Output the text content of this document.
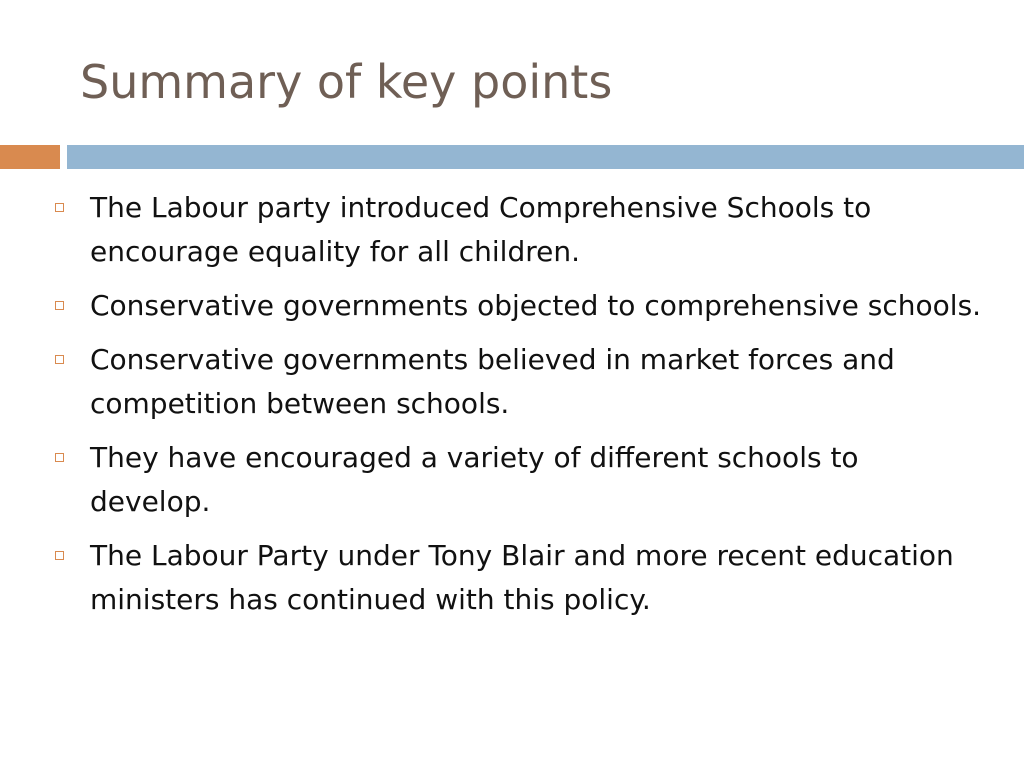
Summary of key points
The Labour party introduced Comprehensive Schools to encourage equality for all children.
Conservative governments objected to comprehensive schools.
Conservative governments believed in market forces and competition between schools.
They have encouraged a variety of different schools to develop.
The Labour Party under Tony Blair and more recent education ministers has continued with this policy.
